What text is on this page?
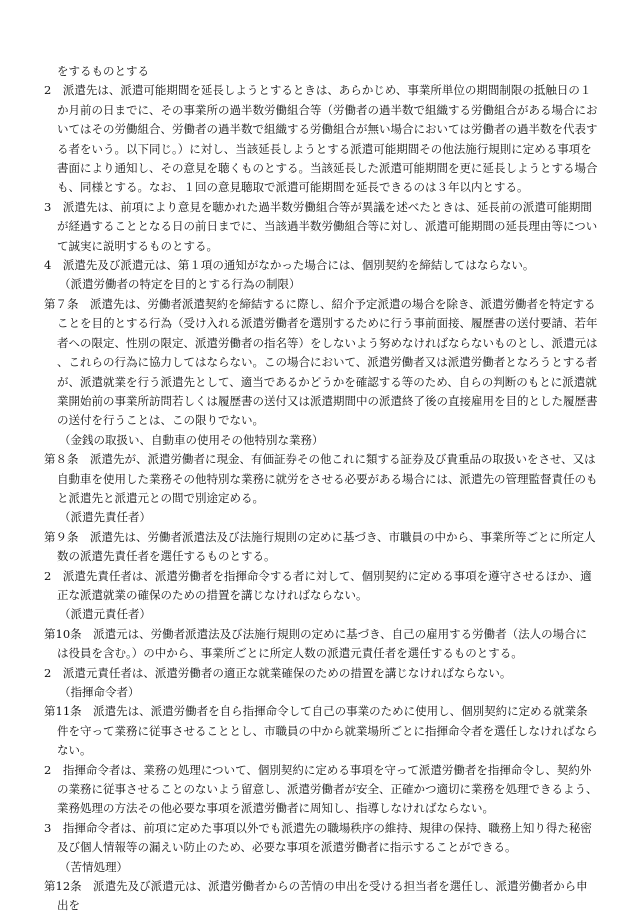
をするものとする
2　派遣先は、派遣可能期間を延長しようとするときは、あらかじめ、事業所単位の期間制限の抵触日の１か月前の日までに、その事業所の過半数労働組合等（労働者の過半数で組織する労働組合がある場合においてはその労働組合、労働者の過半数で組織する労働組合が無い場合においては労働者の過半数を代表する者をいう。以下同じ。）に対し、当該延長しようとする派遣可能期間その他法施行規則に定める事項を書面により通知し、その意見を聴くものとする。当該延長した派遣可能期間を更に延長しようとする場合も、同様とする。なお、１回の意見聴取で派遣可能期間を延長できるのは３年以内とする。
3　派遣先は、前項により意見を聴かれた過半数労働組合等が異議を述べたときは、延長前の派遣可能期間が経過することとなる日の前日までに、当該過半数労働組合等に対し、派遣可能期間の延長理由等について誠実に説明するものとする。
4　派遣先及び派遣元は、第１項の通知がなかった場合には、個別契約を締結してはならない。
（派遣労働者の特定を目的とする行為の制限）
第７条　派遣先は、労働者派遣契約を締結するに際し、紹介予定派遣の場合を除き、派遣労働者を特定することを目的とする行為（受け入れる派遣労働者を選別するために行う事前面接、履歴書の送付要請、若年者への限定、性別の限定、派遣労働者の指名等）をしないよう努めなければならないものとし、派遣元は、これらの行為に協力してはならない。この場合において、派遣労働者又は派遣労働者となろうとする者が、派遣就業を行う派遣先として、適当であるかどうかを確認する等のため、自らの判断のもとに派遣就業開始前の事業所訪問若しくは履歴書の送付又は派遣期間中の派遣終了後の直接雇用を目的とした履歴書の送付を行うことは、この限りでない。
（金銭の取扱い、自動車の使用その他特別な業務）
第８条　派遣先が、派遣労働者に現金、有価証券その他これに類する証券及び貴重品の取扱いをさせ、又は自動車を使用した業務その他特別な業務に就労をさせる必要がある場合には、派遣先の管理監督責任のもと派遣先と派遣元との間で別途定める。
（派遣先責任者）
第９条　派遣先は、労働者派遣法及び法施行規則の定めに基づき、市職員の中から、事業所等ごとに所定人数の派遣先責任者を選任するものとする。
2　派遣先責任者は、派遣労働者を指揮命令する者に対して、個別契約に定める事項を遵守させるほか、適正な派遣就業の確保のための措置を講じなければならない。
（派遣元責任者）
第10条　派遣元は、労働者派遣法及び法施行規則の定めに基づき、自己の雇用する労働者（法人の場合には役員を含む。）の中から、事業所ごとに所定人数の派遣元責任者を選任するものとする。
2　派遣元責任者は、派遣労働者の適正な就業確保のための措置を講じなければならない。
（指揮命令者）
第11条　派遣先は、派遣労働者を自ら指揮命令して自己の事業のために使用し、個別契約に定める就業条件を守って業務に従事させることとし、市職員の中から就業場所ごとに指揮命令者を選任しなければならない。
2　指揮命令者は、業務の処理について、個別契約に定める事項を守って派遣労働者を指揮命令し、契約外の業務に従事させることのないよう留意し、派遣労働者が安全、正確かつ適切に業務を処理できるよう、業務処理の方法その他必要な事項を派遣労働者に周知し、指導しなければならない。
3　指揮命令者は、前項に定めた事項以外でも派遣先の職場秩序の維持、規律の保持、職務上知り得た秘密及び個人情報等の漏えい防止のため、必要な事項を派遣労働者に指示することができる。
（苦情処理）
第12条　派遣先及び派遣元は、派遣労働者からの苦情の申出を受ける担当者を選任し、派遣労働者から申出を
